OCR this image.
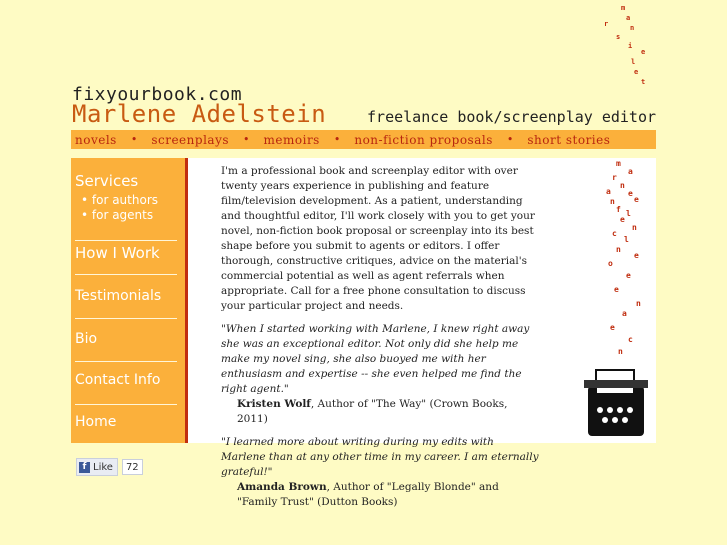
fixyourbook.com
Marlene Adelstein	freelance book/screenplay editor
m
a
r	n
s
i
e
l
e
t
novels • screenplays • memoirs • non-fiction proposals • short stories
Services
• for authors
• for agents
How I Work
Testimonials
Bio
Contact Info
Home

I'm a professional book and screenplay editor with over twenty years experience in publishing and feature film/television development. As a patient, understanding and thoughtful editor, I'll work closely with you to get your novel, non-fiction book proposal or screenplay into its best shape before you submit to agents or editors. I offer thorough, constructive critiques, advice on the material's commercial potential as well as agent referrals when appropriate. Call for a free phone consultation to discuss your particular project and needs.

"When I started working with Marlene, I knew right away she was an exceptional editor. Not only did she help me make my novel sing, she also buoyed me with her enthusiasm and expertise -- she even helped me find the right agent."

Kristen Wolf, Author of "The Way" (Crown Books, 2011)

"I learned more about writing during my edits with Marlene than at any other time in my career. I am eternally grateful!"

Amanda Brown, Author of "Legally Blonde" and "Family Trust" (Dutton Books)

m
a
r
n
a e
n e
f l
e
n
c
l
n
e
o
e
e
n
a
e
c
n
f Like	72
